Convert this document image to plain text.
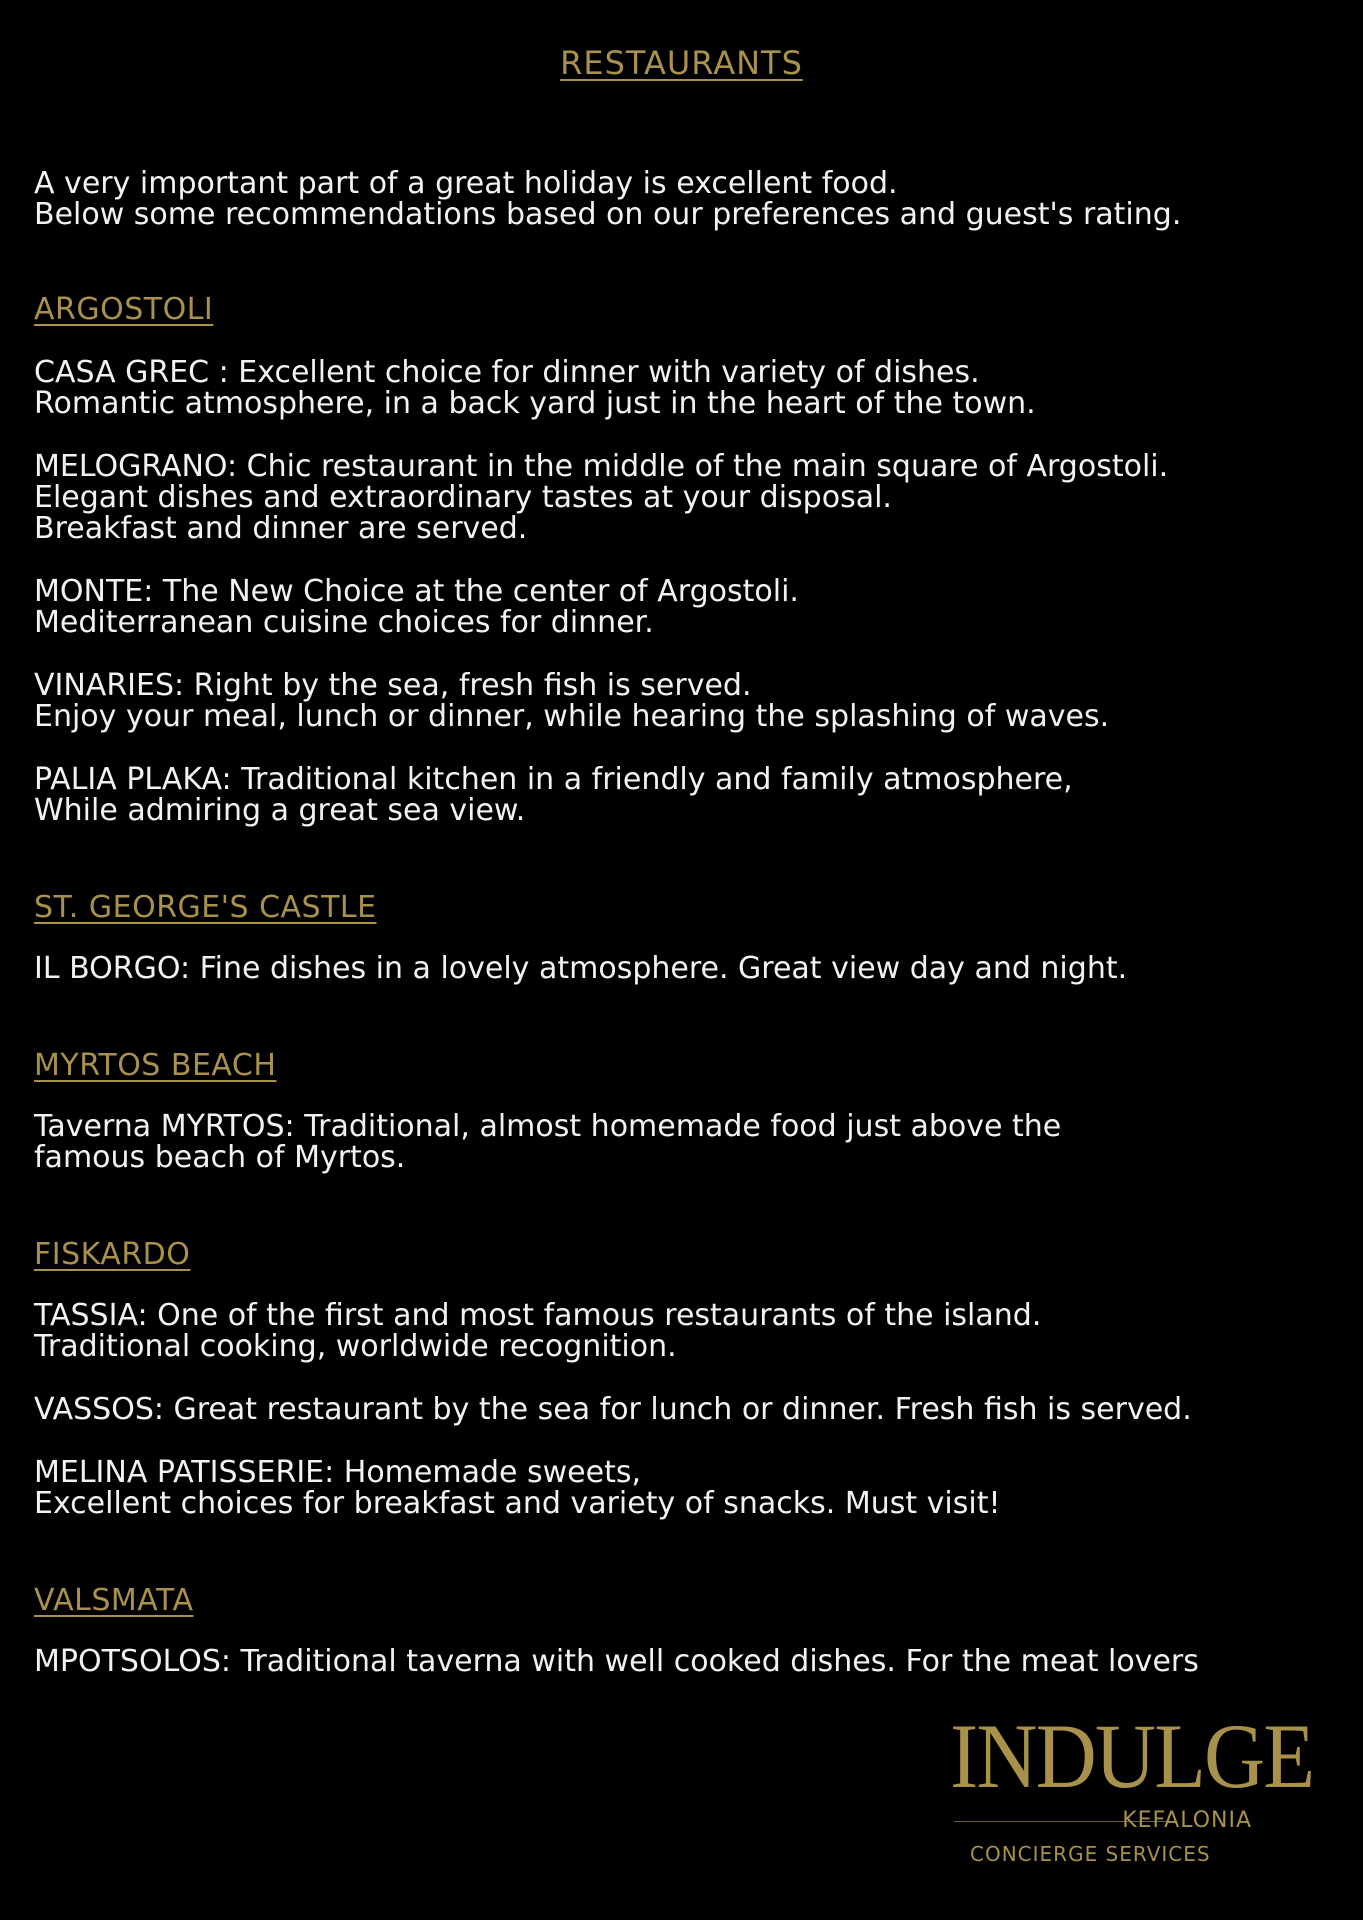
RESTAURANTS
A very important part of a great holiday is excellent food.
Below some recommendations based on our preferences and guest's rating.
ARGOSTOLI
CASA GREC : Excellent choice for dinner with variety of dishes.
Romantic atmosphere, in a back yard just in the heart of the town.
MELOGRANO: Chic restaurant in the middle of the main square of Argostoli.
Elegant dishes and extraordinary tastes at your disposal.
Breakfast and dinner are served.
MONTE: The New Choice at the center of Argostoli.
Mediterranean cuisine choices for dinner.
VINARIES: Right by the sea, fresh fish is served.
Enjoy your meal, lunch or dinner, while hearing the splashing of waves.
PALIA PLAKA: Traditional kitchen in a friendly and family atmosphere,
While admiring a great sea view.
ST. GEORGE'S CASTLE
IL BORGO: Fine dishes in a lovely atmosphere. Great view day and night.
MYRTOS BEACH
Taverna MYRTOS: Traditional, almost homemade food just above the
famous beach of Myrtos.
FISKARDO
TASSIA: One of the first and most famous restaurants of the island.
Traditional cooking, worldwide recognition.
VASSOS: Great restaurant by the sea for lunch or dinner. Fresh fish is served.
MELINA PATISSERIE: Homemade sweets,
Excellent choices for breakfast and variety of snacks. Must visit!
VALSMATA
MPOTSOLOS: Traditional taverna with well cooked dishes. For the meat lovers
INDULGE
KEFALONIA
CONCIERGE SERVICES
